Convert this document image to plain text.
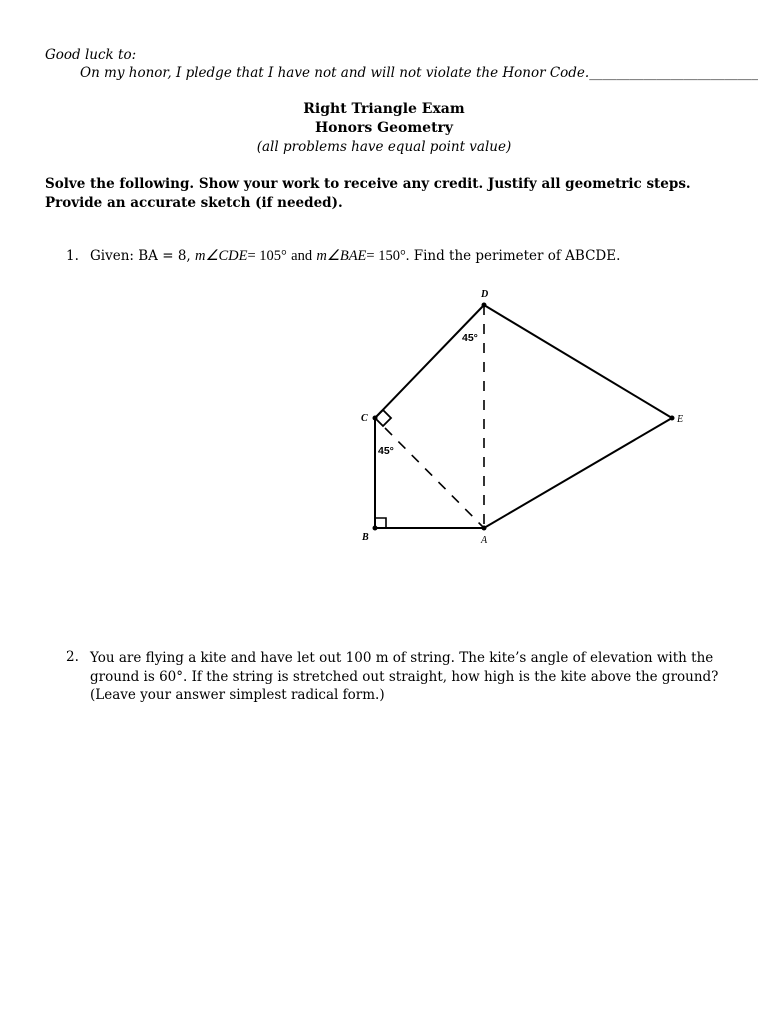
Good luck to:
On my honor, I pledge that I have not and will not violate the Honor Code._________________________
Right Triangle Exam
Honors Geometry
(all problems have equal point value)
Solve the following. Show your work to receive any credit. Justify all geometric steps. Provide an accurate sketch (if needed).
1. Given: BA = 8, m∠CDE= 105° and m∠BAE= 150°. Find the perimeter of ABCDE.
D
C	E
B	A
45°
45°
2. You are flying a kite and have let out 100 m of string. The kite’s angle of elevation with the ground is 60°. If the string is stretched out straight, how high is the kite above the ground? (Leave your answer simplest radical form.)
